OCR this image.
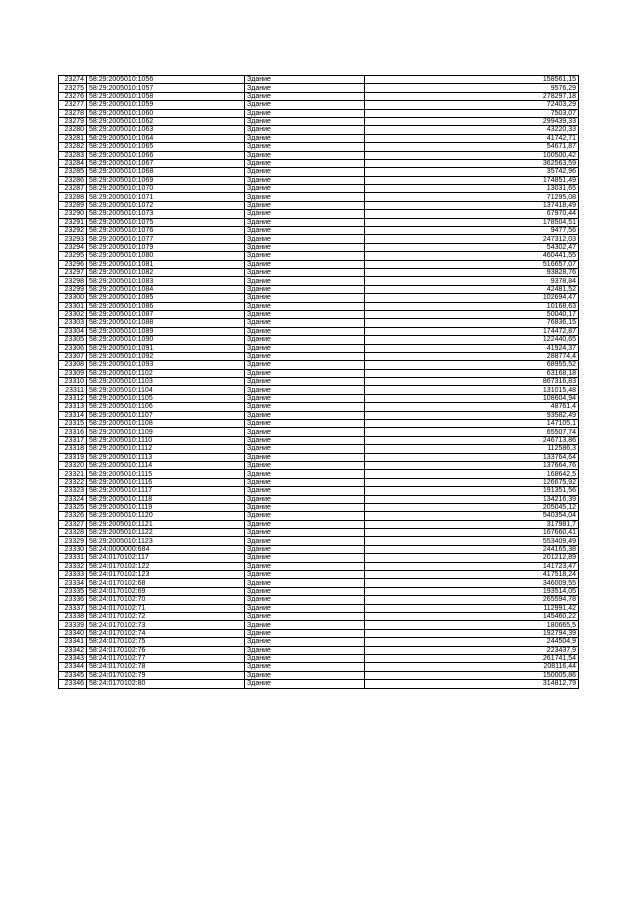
23274	58:29:2005010:1056	Здание	158561,15
23275	58:29:2005010:1057	Здание	9576,29
23276	58:29:2005010:1058	Здание	278297,18
23277	58:29:2005010:1059	Здание	72403,29
23278	58:29:2005010:1060	Здание	7503,07
23279	58:29:2005010:1062	Здание	299439,33
23280	58:29:2005010:1063	Здание	43220,33
23281	58:29:2005010:1064	Здание	41742,71
23282	58:29:2005010:1065	Здание	54671,87
23283	58:29:2005010:1066	Здание	100500,42
23284	58:29:2005010:1067	Здание	362563,59
23285	58:29:2005010:1068	Здание	35742,96
23286	58:29:2005010:1069	Здание	174851,49
23287	58:29:2005010:1070	Здание	13031,65
23288	58:29:2005010:1071	Здание	71295,08
23289	58:29:2005010:1072	Здание	137418,49
23290	58:29:2005010:1073	Здание	67970,44
23291	58:29:2005010:1075	Здание	178504,51
23292	58:29:2005010:1076	Здание	9477,56
23293	58:29:2005010:1077	Здание	247312,03
23294	58:29:2005010:1079	Здание	54302,47
23295	58:29:2005010:1080	Здание	460441,55
23296	58:29:2005010:1081	Здание	516657,07
23297	58:29:2005010:1082	Здание	93828,76
23298	58:29:2005010:1083	Здание	9378,84
23299	58:29:2005010:1084	Здание	42481,52
23300	58:29:2005010:1085	Здание	102694,47
23301	58:29:2005010:1086	Здание	10168,63
23302	58:29:2005010:1087	Здание	50040,17
23303	58:29:2005010:1088	Здание	76836,15
23304	58:29:2005010:1089	Здание	174472,87
23305	58:29:2005010:1090	Здание	122440,65
23306	58:29:2005010:1091	Здание	41924,37
23307	58:29:2005010:1092	Здание	288774,4
23308	58:29:2005010:1093	Здание	68955,52
23309	58:29:2005010:1102	Здание	63168,18
23310	58:29:2005010:1103	Здание	867316,83
23311	58:29:2005010:1104	Здание	131015,48
23312	58:29:2005010:1105	Здание	108604,94
23313	58:29:2005010:1106	Здание	48761,4
23314	58:29:2005010:1107	Здание	93582,49
23315	58:29:2005010:1108	Здание	147105,1
23316	58:29:2005010:1109	Здание	65507,74
23317	58:29:2005010:1110	Здание	246713,86
23318	58:29:2005010:1112	Здание	112586,3
23319	58:29:2005010:1113	Здание	133764,64
23320	58:29:2005010:1114	Здание	137664,76
23321	58:29:2005010:1115	Здание	168642,5
23322	58:29:2005010:1116	Здание	126675,92
23323	58:29:2005010:1117	Здание	191351,56
23324	58:29:2005010:1118	Здание	134216,39
23325	58:29:2005010:1119	Здание	205045,12
23326	58:29:2005010:1120	Здание	540354,04
23327	58:29:2005010:1121	Здание	317981,7
23328	58:29:2005010:1122	Здание	167660,41
23329	58:29:2005010:1123	Здание	553409,49
23330	58:24:0000000:684	Здание	244165,38
23331	58:24:0170102:117	Здание	201212,89
23332	58:24:0170102:122	Здание	141723,47
23333	58:24:0170102:123	Здание	417518,24
23334	58:24:0170102:68	Здание	346009,55
23335	58:24:0170102:69	Здание	193514,05
23336	58:24:0170102:70	Здание	265594,78
23337	58:24:0170102:71	Здание	112991,42
23338	58:24:0170102:72	Здание	145460,22
23339	58:24:0170102:73	Здание	180665,5
23340	58:24:0170102:74	Здание	192794,39
23341	58:24:0170102:75	Здание	244504,9
23342	58:24:0170102:76	Здание	223437,9
23343	58:24:0170102:77	Здание	261741,54
23344	58:24:0170102:78	Здание	208116,44
23345	58:24:0170102:79	Здание	150005,86
23346	58:24:0170102:80	Здание	314812,79
